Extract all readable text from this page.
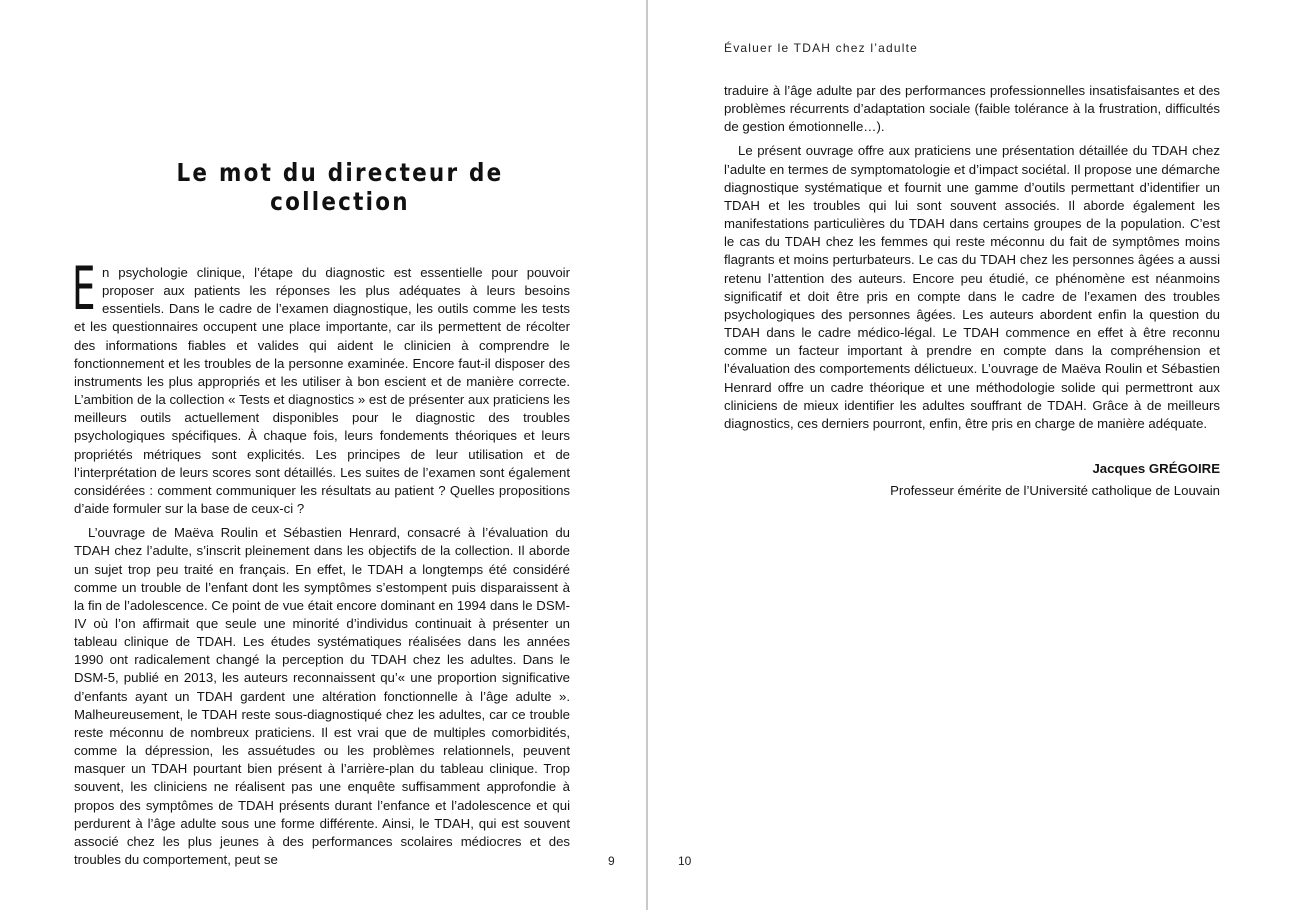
Le mot du directeur de collection

En psychologie clinique, l’étape du diagnostic est essentielle pour pouvoir proposer aux patients les réponses les plus adéquates à leurs besoins essentiels. Dans le cadre de l’examen diagnostique, les outils comme les tests et les questionnaires occupent une place importante, car ils permettent de récolter des informations fiables et valides qui aident le clinicien à comprendre le fonctionnement et les troubles de la personne examinée. Encore faut-il disposer des instruments les plus appropriés et les utiliser à bon escient et de manière correcte. L’ambition de la collection « Tests et diagnostics » est de présenter aux praticiens les meilleurs outils actuellement disponibles pour le diagnostic des troubles psychologiques spécifiques. À chaque fois, leurs fondements théoriques et leurs propriétés métriques sont explicités. Les principes de leur utilisation et de l’interprétation de leurs scores sont détaillés. Les suites de l’examen sont également considérées : comment communiquer les résultats au patient ? Quelles propositions d’aide formuler sur la base de ceux-ci ?

L’ouvrage de Maëva Roulin et Sébastien Henrard, consacré à l’évaluation du TDAH chez l’adulte, s’inscrit pleinement dans les objectifs de la collection. Il aborde un sujet trop peu traité en français. En effet, le TDAH a longtemps été considéré comme un trouble de l’enfant dont les symptômes s’estompent puis disparaissent à la fin de l’adolescence. Ce point de vue était encore dominant en 1994 dans le DSM-IV où l’on affirmait que seule une minorité d’individus continuait à présenter un tableau clinique de TDAH. Les études systématiques réalisées dans les années 1990 ont radicalement changé la perception du TDAH chez les adultes. Dans le DSM-5, publié en 2013, les auteurs reconnaissent qu’« une proportion significative d’enfants ayant un TDAH gardent une altération fonctionnelle à l’âge adulte ». Malheureusement, le TDAH reste sous-diagnostiqué chez les adultes, car ce trouble reste méconnu de nombreux praticiens. Il est vrai que de multiples comorbidités, comme la dépression, les assuétudes ou les problèmes relationnels, peuvent masquer un TDAH pourtant bien présent à l’arrière-plan du tableau clinique. Trop souvent, les cliniciens ne réalisent pas une enquête suffisamment approfondie à propos des symptômes de TDAH présents durant l’enfance et l’adolescence et qui perdurent à l’âge adulte sous une forme différente. Ainsi, le TDAH, qui est souvent associé chez les plus jeunes à des performances scolaires médiocres et des troubles du comportement, peut se	9
Évaluer le TDAH chez l’adulte

traduire à l’âge adulte par des performances professionnelles insatisfaisantes et des problèmes récurrents d’adaptation sociale (faible tolérance à la frustration, difficultés de gestion émotionnelle…).

Le présent ouvrage offre aux praticiens une présentation détaillée du TDAH chez l’adulte en termes de symptomatologie et d’impact sociétal. Il propose une démarche diagnostique systématique et fournit une gamme d’outils permettant d’identifier un TDAH et les troubles qui lui sont souvent associés. Il aborde également les manifestations particulières du TDAH dans certains groupes de la population. C’est le cas du TDAH chez les femmes qui reste méconnu du fait de symptômes moins flagrants et moins perturbateurs. Le cas du TDAH chez les personnes âgées a aussi retenu l’attention des auteurs. Encore peu étudié, ce phénomène est néanmoins significatif et doit être pris en compte dans le cadre de l’examen des troubles psychologiques des personnes âgées. Les auteurs abordent enfin la question du TDAH dans le cadre médico-légal. Le TDAH commence en effet à être reconnu comme un facteur important à prendre en compte dans la compréhension et l’évaluation des comportements délictueux. L’ouvrage de Maëva Roulin et Sébastien Henrard offre un cadre théorique et une méthodologie solide qui permettront aux cliniciens de mieux identifier les adultes souffrant de TDAH. Grâce à de meilleurs diagnostics, ces derniers pourront, enfin, être pris en charge de manière adéquate.

Jacques GRÉGOIRE
Professeur émérite de l’Université catholique de Louvain
10
